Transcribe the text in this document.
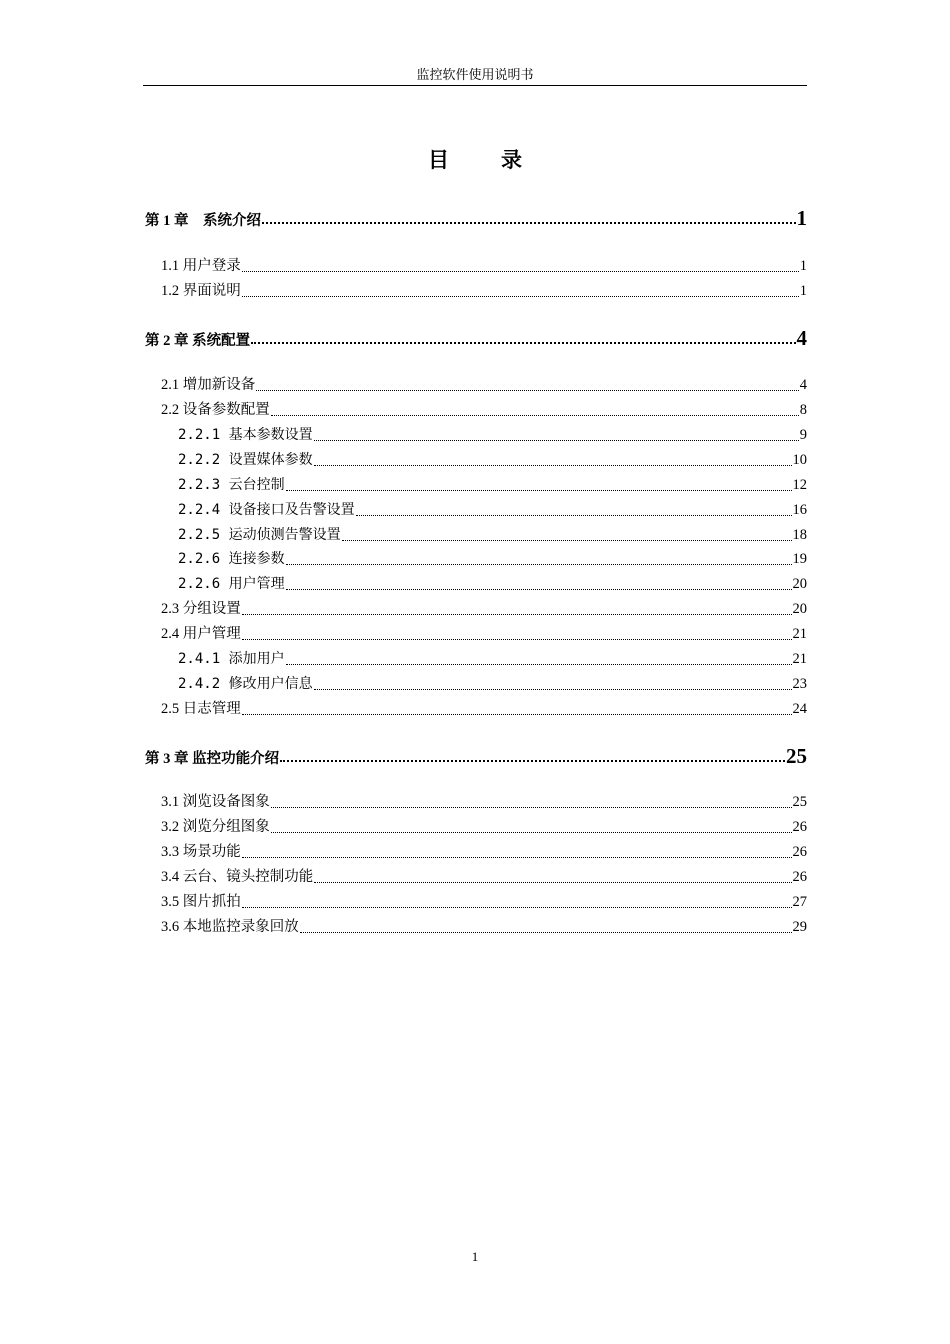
监控软件使用说明书
目 录
第 1 章　系统介绍	1
1.1 用户登录	1
1.2 界面说明	1
第 2 章 系统配置	4
2.1 增加新设备	4
2.2 设备参数配置	8
2.2.1 基本参数设置	9
2.2.2 设置媒体参数	10
2.2.3 云台控制	12
2.2.4 设备接口及告警设置	16
2.2.5 运动侦测告警设置	18
2.2.6 连接参数	19
2.2.6 用户管理	20
2.3 分组设置	20
2.4 用户管理	21
2.4.1 添加用户	21
2.4.2 修改用户信息	23
2.5 日志管理	24
第 3 章 监控功能介绍	25
3.1 浏览设备图象	25
3.2 浏览分组图象	26
3.3 场景功能	26
3.4 云台、镜头控制功能	26
3.5 图片抓拍	27
3.6 本地监控录象回放	29
1
